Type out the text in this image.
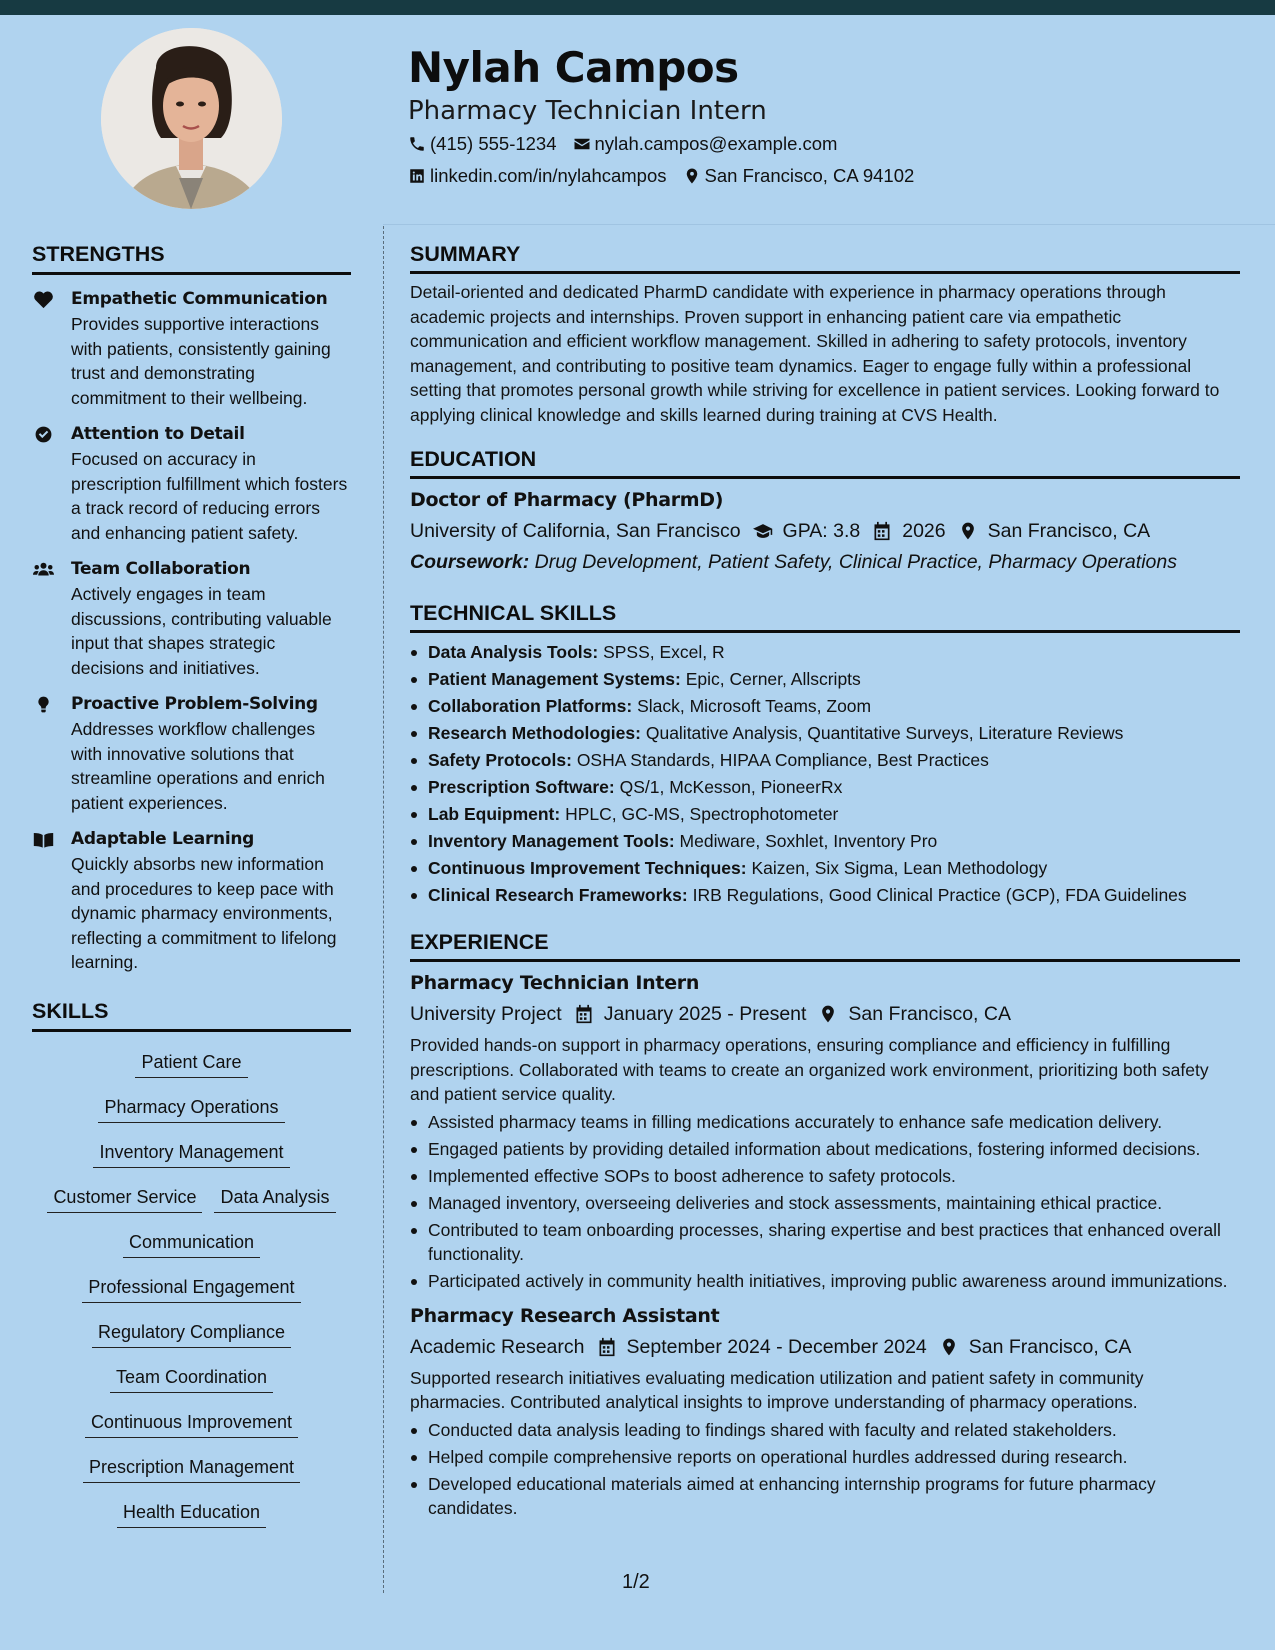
Nylah Campos
Pharmacy Technician Intern
(415) 555-1234 nylah.campos@example.com
linkedin.com/in/nylahcampos San Francisco, CA 94102
STRENGTHS
Empathetic Communication
Provides supportive interactions with patients, consistently gaining trust and demonstrating commitment to their wellbeing.
Attention to Detail
Focused on accuracy in prescription fulfillment which fosters a track record of reducing errors and enhancing patient safety.
Team Collaboration
Actively engages in team discussions, contributing valuable input that shapes strategic decisions and initiatives.
Proactive Problem-Solving
Addresses workflow challenges with innovative solutions that streamline operations and enrich patient experiences.
Adaptable Learning
Quickly absorbs new information and procedures to keep pace with dynamic pharmacy environments, reflecting a commitment to lifelong learning.
SKILLS
Patient CarePharmacy Operations
Inventory Management
Customer Service Data Analysis
Communication
Professional Engagement
Regulatory Compliance
Team Coordination
Continuous Improvement
Prescription Management
Health Education
SUMMARY
Detail-oriented and dedicated PharmD candidate with experience in pharmacy operations through academic projects and internships. Proven support in enhancing patient care via empathetic communication and efficient workflow management. Skilled in adhering to safety protocols, inventory management, and contributing to positive team dynamics. Eager to engage fully within a professional setting that promotes personal growth while striving for excellence in patient services. Looking forward to applying clinical knowledge and skills learned during training at CVS Health.
EDUCATION
Doctor of Pharmacy (PharmD)
University of California, San Francisco GPA: 3.8 2026 San Francisco, CA
Coursework: Drug Development, Patient Safety, Clinical Practice, Pharmacy Operations
TECHNICAL SKILLS
Data Analysis Tools: SPSS, Excel, R
Patient Management Systems: Epic, Cerner, Allscripts
Collaboration Platforms: Slack, Microsoft Teams, Zoom
Research Methodologies: Qualitative Analysis, Quantitative Surveys, Literature Reviews
Safety Protocols: OSHA Standards, HIPAA Compliance, Best Practices
Prescription Software: QS/1, McKesson, PioneerRx
Lab Equipment: HPLC, GC-MS, Spectrophotometer
Inventory Management Tools: Mediware, Soxhlet, Inventory Pro
Continuous Improvement Techniques: Kaizen, Six Sigma, Lean Methodology
Clinical Research Frameworks: IRB Regulations, Good Clinical Practice (GCP), FDA Guidelines
EXPERIENCE
Pharmacy Technician Intern
University Project January 2025 - Present San Francisco, CA
Provided hands-on support in pharmacy operations, ensuring compliance and efficiency in fulfilling prescriptions. Collaborated with teams to create an organized work environment, prioritizing both safety and patient service quality.
Assisted pharmacy teams in filling medications accurately to enhance safe medication delivery.
Engaged patients by providing detailed information about medications, fostering informed decisions.
Implemented effective SOPs to boost adherence to safety protocols.
Managed inventory, overseeing deliveries and stock assessments, maintaining ethical practice.
Contributed to team onboarding processes, sharing expertise and best practices that enhanced overall functionality.
Participated actively in community health initiatives, improving public awareness around immunizations.
Pharmacy Research Assistant
Academic Research September 2024 - December 2024 San Francisco, CA
Supported research initiatives evaluating medication utilization and patient safety in community pharmacies. Contributed analytical insights to improve understanding of pharmacy operations.
Conducted data analysis leading to findings shared with faculty and related stakeholders.
Helped compile comprehensive reports on operational hurdles addressed during research.
Developed educational materials aimed at enhancing internship programs for future pharmacy candidates.
1/2
